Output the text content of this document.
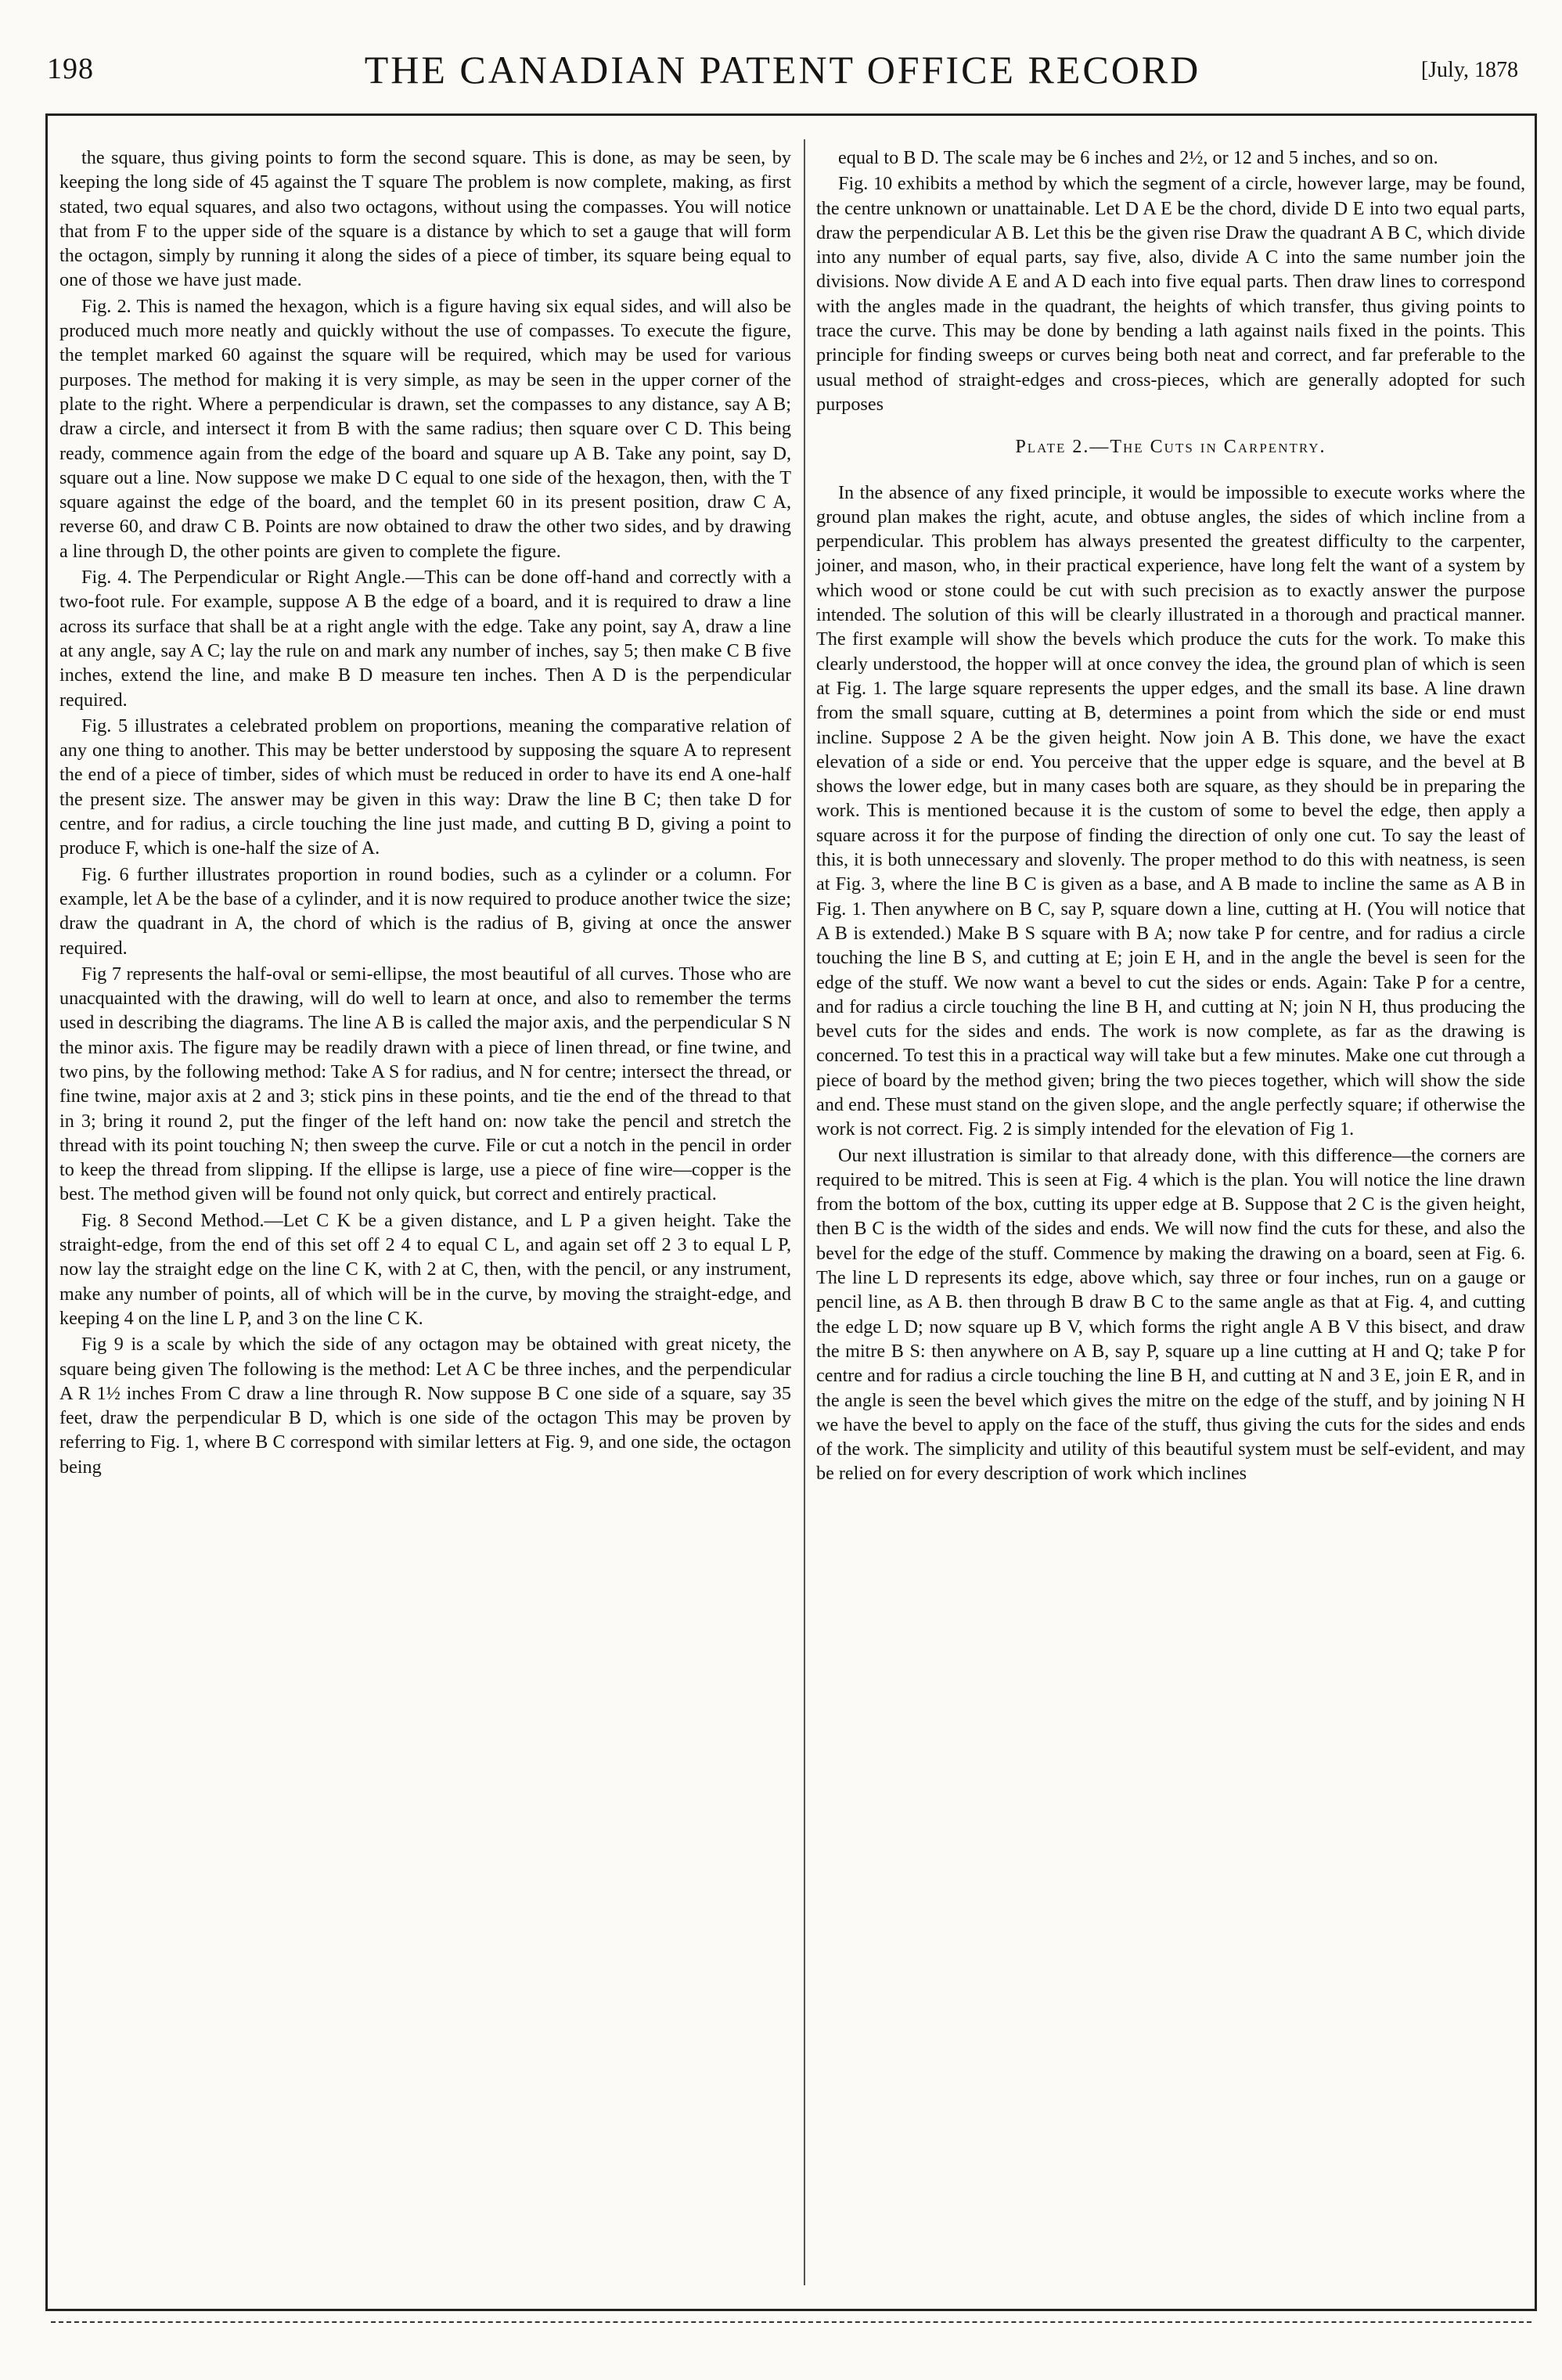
198	THE CANADIAN PATENT OFFICE RECORD	[July, 1878

the square, thus giving points to form the second square. This is done, as may be seen, by keeping the long side of 45 against the T square The problem is now complete, making, as first stated, two equal squares, and also two octagons, without using the compasses. You will notice that from F to the upper side of the square is a distance by which to set a gauge that will form the octagon, simply by running it along the sides of a piece of timber, its square being equal to one of those we have just made.

Fig. 2. This is named the hexagon, which is a figure having six equal sides, and will also be produced much more neatly and quickly without the use of compasses. To execute the figure, the templet marked 60 against the square will be required, which may be used for various purposes. The method for making it is very simple, as may be seen in the upper corner of the plate to the right. Where a perpendicular is drawn, set the compasses to any distance, say A B; draw a circle, and intersect it from B with the same radius; then square over C D. This being ready, commence again from the edge of the board and square up A B. Take any point, say D, square out a line. Now suppose we make D C equal to one side of the hexagon, then, with the T square against the edge of the board, and the templet 60 in its present position, draw C A, reverse 60, and draw C B. Points are now obtained to draw the other two sides, and by drawing a line through D, the other points are given to complete the figure.

Fig. 4. The Perpendicular or Right Angle.—This can be done off-hand and correctly with a two-foot rule. For example, suppose A B the edge of a board, and it is required to draw a line across its surface that shall be at a right angle with the edge. Take any point, say A, draw a line at any angle, say A C; lay the rule on and mark any number of inches, say 5; then make C B five inches, extend the line, and make B D measure ten inches. Then A D is the perpendicular required.

Fig. 5 illustrates a celebrated problem on proportions, meaning the comparative relation of any one thing to another. This may be better understood by supposing the square A to represent the end of a piece of timber, sides of which must be reduced in order to have its end A one-half the present size. The answer may be given in this way: Draw the line B C; then take D for centre, and for radius, a circle touching the line just made, and cutting B D, giving a point to produce F, which is one-half the size of A.

Fig. 6 further illustrates proportion in round bodies, such as a cylinder or a column. For example, let A be the base of a cylinder, and it is now required to produce another twice the size; draw the quadrant in A, the chord of which is the radius of B, giving at once the answer required.

Fig 7 represents the half-oval or semi-ellipse, the most beautiful of all curves. Those who are unacquainted with the drawing, will do well to learn at once, and also to remember the terms used in describing the diagrams. The line A B is called the major axis, and the perpendicular S N the minor axis. The figure may be readily drawn with a piece of linen thread, or fine twine, and two pins, by the following method: Take A S for radius, and N for centre; intersect the thread, or fine twine, major axis at 2 and 3; stick pins in these points, and tie the end of the thread to that in 3; bring it round 2, put the finger of the left hand on: now take the pencil and stretch the thread with its point touching N; then sweep the curve. File or cut a notch in the pencil in order to keep the thread from slipping. If the ellipse is large, use a piece of fine wire—copper is the best. The method given will be found not only quick, but correct and entirely practical.

Fig. 8 Second Method.—Let C K be a given distance, and L P a given height. Take the straight-edge, from the end of this set off 2 4 to equal C L, and again set off 2 3 to equal L P, now lay the straight edge on the line C K, with 2 at C, then, with the pencil, or any instrument, make any number of points, all of which will be in the curve, by moving the straight-edge, and keeping 4 on the line L P, and 3 on the line C K.

Fig 9 is a scale by which the side of any octagon may be obtained with great nicety, the square being given The following is the method: Let A C be three inches, and the perpendicular A R 1½ inches From C draw a line through R. Now suppose B C one side of a square, say 35 feet, draw the perpendicular B D, which is one side of the octagon This may be proven by referring to Fig. 1, where B C correspond with similar letters at Fig. 9, and one side, the octagon being

equal to B D. The scale may be 6 inches and 2½, or 12 and 5 inches, and so on.

Fig. 10 exhibits a method by which the segment of a circle, however large, may be found, the centre unknown or unattainable. Let D A E be the chord, divide D E into two equal parts, draw the perpendicular A B. Let this be the given rise Draw the quadrant A B C, which divide into any number of equal parts, say five, also, divide A C into the same number join the divisions. Now divide A E and A D each into five equal parts. Then draw lines to correspond with the angles made in the quadrant, the heights of which transfer, thus giving points to trace the curve. This may be done by bending a lath against nails fixed in the points. This principle for finding sweeps or curves being both neat and correct, and far preferable to the usual method of straight-edges and cross-pieces, which are generally adopted for such purposes

Plate 2.—The Cuts in Carpentry.

In the absence of any fixed principle, it would be impossible to execute works where the ground plan makes the right, acute, and obtuse angles, the sides of which incline from a perpendicular. This problem has always presented the greatest difficulty to the carpenter, joiner, and mason, who, in their practical experience, have long felt the want of a system by which wood or stone could be cut with such precision as to exactly answer the purpose intended. The solution of this will be clearly illustrated in a thorough and practical manner. The first example will show the bevels which produce the cuts for the work. To make this clearly understood, the hopper will at once convey the idea, the ground plan of which is seen at Fig. 1. The large square represents the upper edges, and the small its base. A line drawn from the small square, cutting at B, determines a point from which the side or end must incline. Suppose 2 A be the given height. Now join A B. This done, we have the exact elevation of a side or end. You perceive that the upper edge is square, and the bevel at B shows the lower edge, but in many cases both are square, as they should be in preparing the work. This is mentioned because it is the custom of some to bevel the edge, then apply a square across it for the purpose of finding the direction of only one cut. To say the least of this, it is both unnecessary and slovenly. The proper method to do this with neatness, is seen at Fig. 3, where the line B C is given as a base, and A B made to incline the same as A B in Fig. 1. Then anywhere on B C, say P, square down a line, cutting at H. (You will notice that A B is extended.) Make B S square with B A; now take P for centre, and for radius a circle touching the line B S, and cutting at E; join E H, and in the angle the bevel is seen for the edge of the stuff. We now want a bevel to cut the sides or ends. Again: Take P for a centre, and for radius a circle touching the line B H, and cutting at N; join N H, thus producing the bevel cuts for the sides and ends. The work is now complete, as far as the drawing is concerned. To test this in a practical way will take but a few minutes. Make one cut through a piece of board by the method given; bring the two pieces together, which will show the side and end. These must stand on the given slope, and the angle perfectly square; if otherwise the work is not correct. Fig. 2 is simply intended for the elevation of Fig 1.

Our next illustration is similar to that already done, with this difference—the corners are required to be mitred. This is seen at Fig. 4 which is the plan. You will notice the line drawn from the bottom of the box, cutting its upper edge at B. Suppose that 2 C is the given height, then B C is the width of the sides and ends. We will now find the cuts for these, and also the bevel for the edge of the stuff. Commence by making the drawing on a board, seen at Fig. 6. The line L D represents its edge, above which, say three or four inches, run on a gauge or pencil line, as A B. then through B draw B C to the same angle as that at Fig. 4, and cutting the edge L D; now square up B V, which forms the right angle A B V this bisect, and draw the mitre B S: then anywhere on A B, say P, square up a line cutting at H and Q; take P for centre and for radius a circle touching the line B H, and cutting at N and 3 E, join E R, and in the angle is seen the bevel which gives the mitre on the edge of the stuff, and by joining N H we have the bevel to apply on the face of the stuff, thus giving the cuts for the sides and ends of the work. The simplicity and utility of this beautiful system must be self-evident, and may be relied on for every description of work which inclines
